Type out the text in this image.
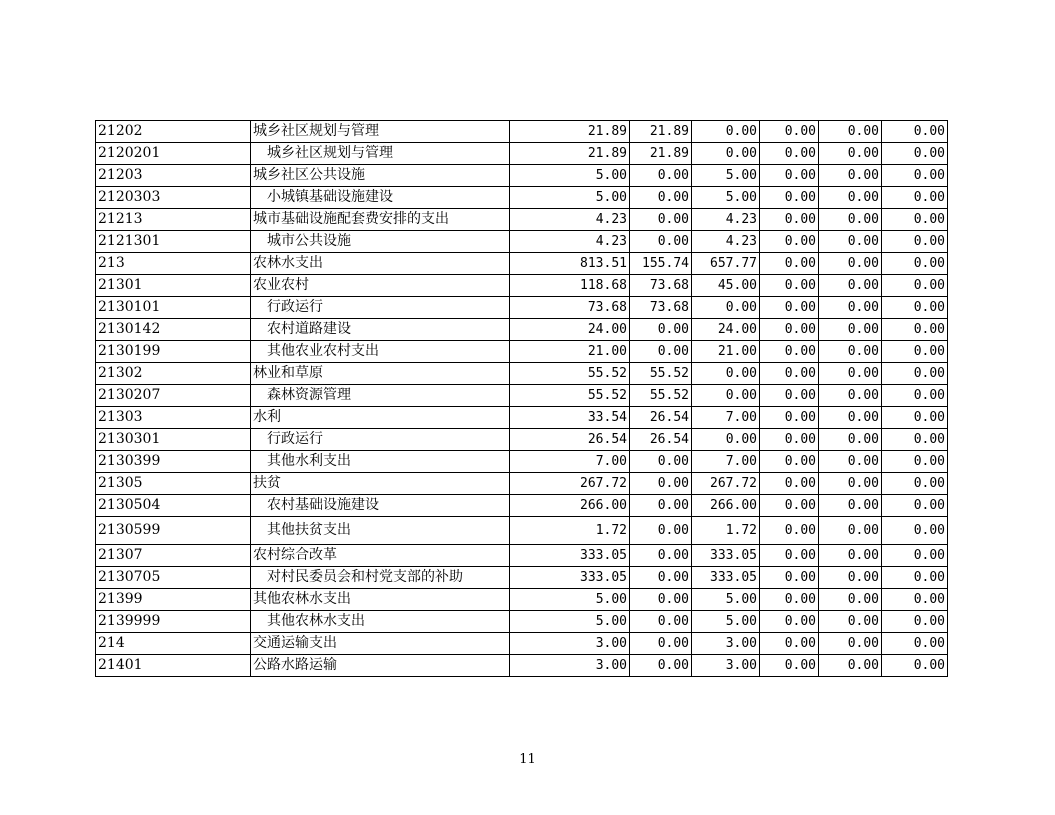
21202	城乡社区规划与管理	21.89	21.89	0.00	0.00	0.00	0.00
2120201	城乡社区规划与管理	21.89	21.89	0.00	0.00	0.00	0.00
21203	城乡社区公共设施	5.00	0.00	5.00	0.00	0.00	0.00
2120303	小城镇基础设施建设	5.00	0.00	5.00	0.00	0.00	0.00
21213	城市基础设施配套费安排的支出	4.23	0.00	4.23	0.00	0.00	0.00
2121301	城市公共设施	4.23	0.00	4.23	0.00	0.00	0.00
213	农林水支出	813.51	155.74	657.77	0.00	0.00	0.00
21301	农业农村	118.68	73.68	45.00	0.00	0.00	0.00
2130101	行政运行	73.68	73.68	0.00	0.00	0.00	0.00
2130142	农村道路建设	24.00	0.00	24.00	0.00	0.00	0.00
2130199	其他农业农村支出	21.00	0.00	21.00	0.00	0.00	0.00
21302	林业和草原	55.52	55.52	0.00	0.00	0.00	0.00
2130207	森林资源管理	55.52	55.52	0.00	0.00	0.00	0.00
21303	水利	33.54	26.54	7.00	0.00	0.00	0.00
2130301	行政运行	26.54	26.54	0.00	0.00	0.00	0.00
2130399	其他水利支出	7.00	0.00	7.00	0.00	0.00	0.00
21305	扶贫	267.72	0.00	267.72	0.00	0.00	0.00
2130504	农村基础设施建设	266.00	0.00	266.00	0.00	0.00	0.00
2130599	其他扶贫支出	1.72	0.00	1.72	0.00	0.00	0.00
21307	农村综合改革	333.05	0.00	333.05	0.00	0.00	0.00
2130705	对村民委员会和村党支部的补助	333.05	0.00	333.05	0.00	0.00	0.00
21399	其他农林水支出	5.00	0.00	5.00	0.00	0.00	0.00
2139999	其他农林水支出	5.00	0.00	5.00	0.00	0.00	0.00
214	交通运输支出	3.00	0.00	3.00	0.00	0.00	0.00
21401	公路水路运输	3.00	0.00	3.00	0.00	0.00	0.00
11
